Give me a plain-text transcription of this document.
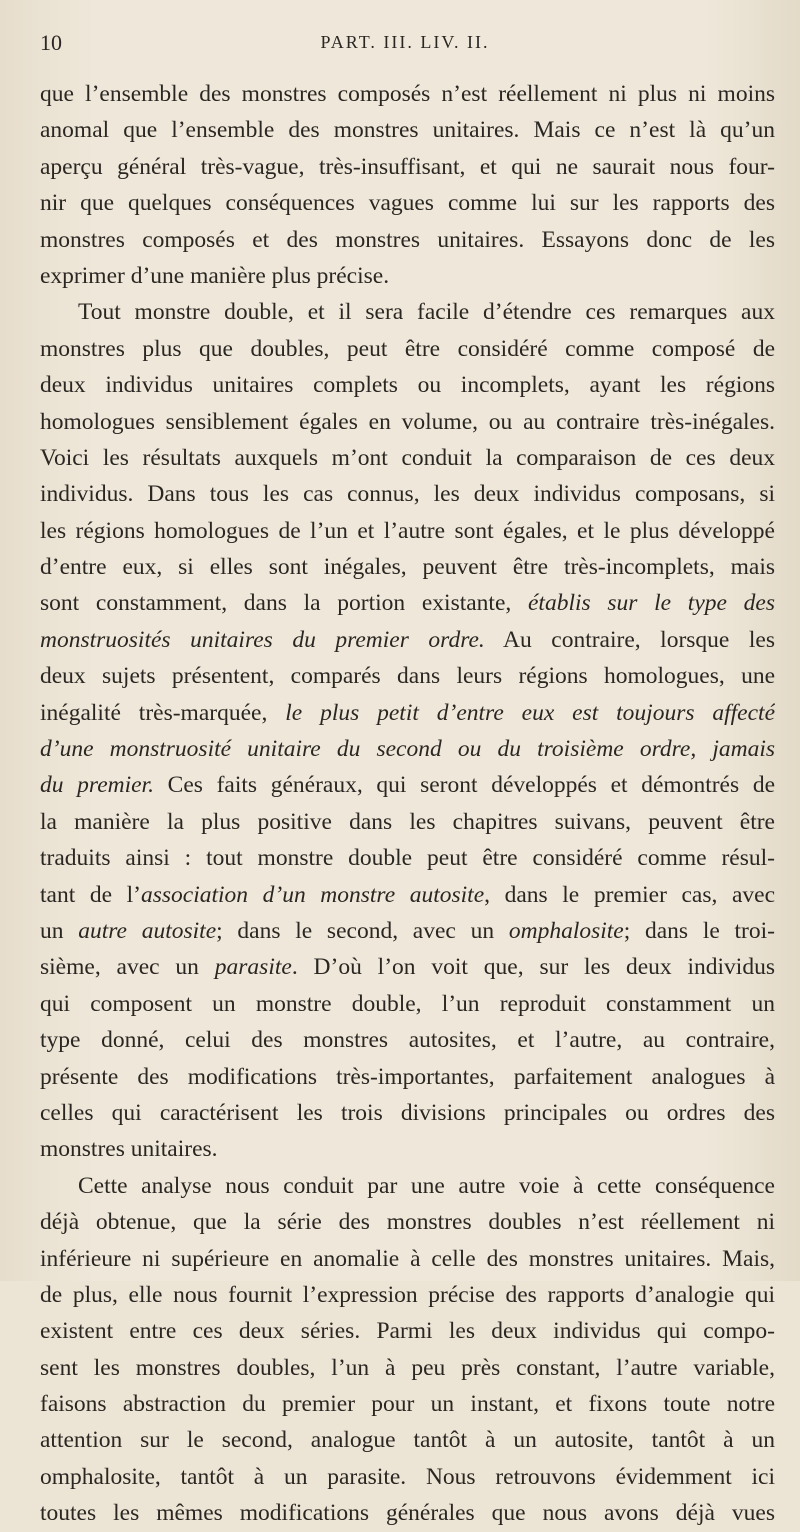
10	PART. III. LIV. II.
que l’ensemble des monstres composés n’est réellement ni plus ni moins
anomal que l’ensemble des monstres unitaires. Mais ce n’est là qu’un
aperçu général très-vague, très-insuffisant, et qui ne saurait nous four-
nir que quelques conséquences vagues comme lui sur les rapports des
monstres composés et des monstres unitaires. Essayons donc de les
exprimer d’une manière plus précise.
Tout monstre double, et il sera facile d’étendre ces remarques aux
monstres plus que doubles, peut être considéré comme composé de
deux individus unitaires complets ou incomplets, ayant les régions
homologues sensiblement égales en volume, ou au contraire très-inégales.
Voici les résultats auxquels m’ont conduit la comparaison de ces deux
individus. Dans tous les cas connus, les deux individus composans, si
les régions homologues de l’un et l’autre sont égales, et le plus développé
d’entre eux, si elles sont inégales, peuvent être très-incomplets, mais
sont constamment, dans la portion existante, établis sur le type des
monstruosités unitaires du premier ordre. Au contraire, lorsque les
deux sujets présentent, comparés dans leurs régions homologues, une
inégalité très-marquée, le plus petit d’entre eux est toujours affecté
d’une monstruosité unitaire du second ou du troisième ordre, jamais
du premier. Ces faits généraux, qui seront développés et démontrés de
la manière la plus positive dans les chapitres suivans, peuvent être
traduits ainsi : tout monstre double peut être considéré comme résul-
tant de l’association d’un monstre autosite, dans le premier cas, avec
un autre autosite; dans le second, avec un omphalosite; dans le troi-
sième, avec un parasite. D’où l’on voit que, sur les deux individus
qui composent un monstre double, l’un reproduit constamment un
type donné, celui des monstres autosites, et l’autre, au contraire,
présente des modifications très-importantes, parfaitement analogues à
celles qui caractérisent les trois divisions principales ou ordres des
monstres unitaires.
Cette analyse nous conduit par une autre voie à cette conséquence
déjà obtenue, que la série des monstres doubles n’est réellement ni
inférieure ni supérieure en anomalie à celle des monstres unitaires. Mais,
de plus, elle nous fournit l’expression précise des rapports d’analogie qui
existent entre ces deux séries. Parmi les deux individus qui compo-
sent les monstres doubles, l’un à peu près constant, l’autre variable,
faisons abstraction du premier pour un instant, et fixons toute notre
attention sur le second, analogue tantôt à un autosite, tantôt à un
omphalosite, tantôt à un parasite. Nous retrouvons évidemment ici
toutes les mêmes modifications générales que nous avons déjà vues
